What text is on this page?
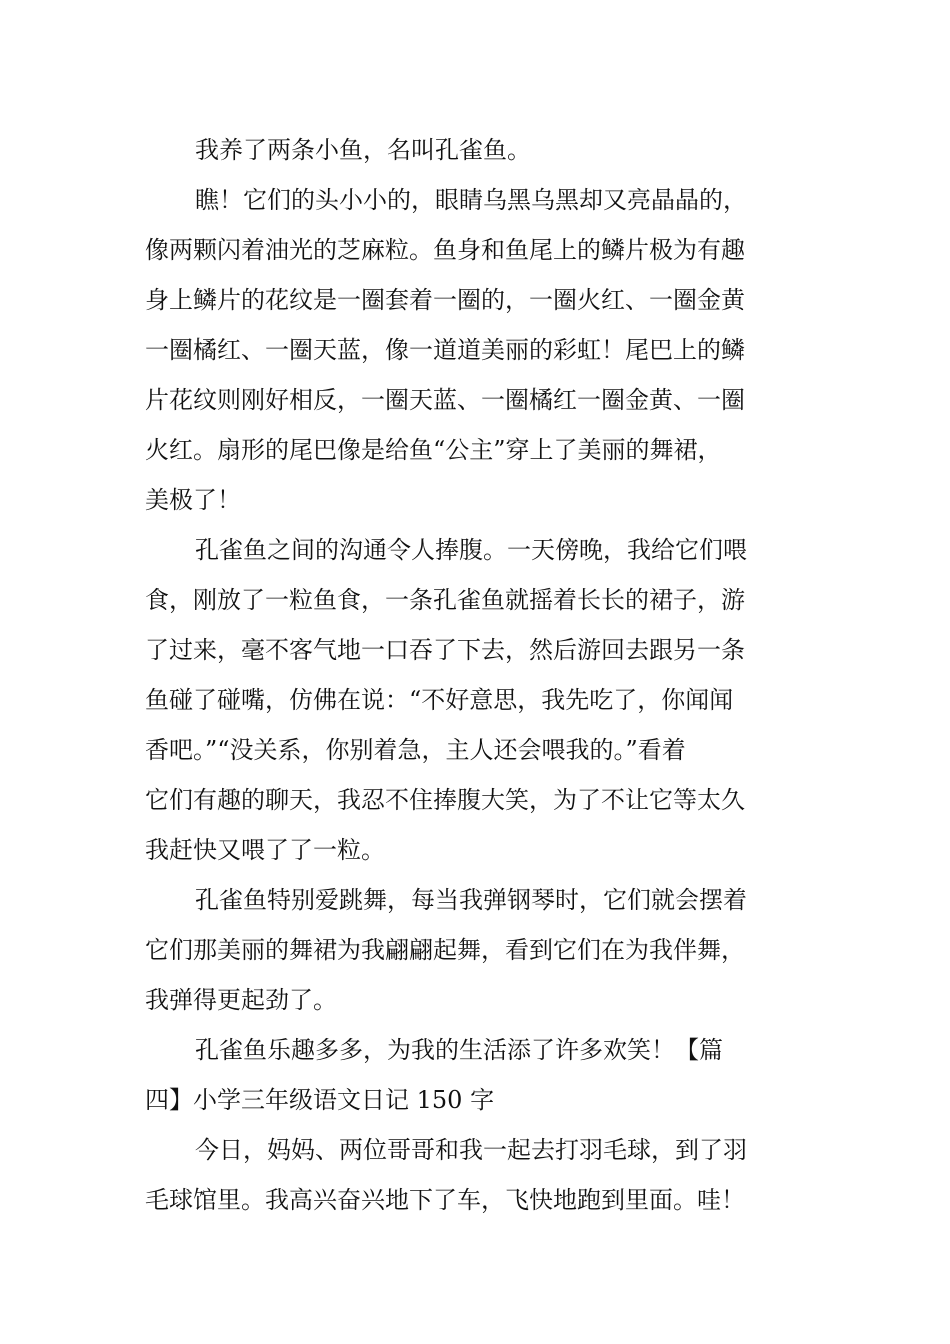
我养了两条小鱼，名叫孔雀鱼。
瞧！它们的头小小的，眼睛乌黑乌黑却又亮晶晶的，
像两颗闪着油光的芝麻粒。鱼身和鱼尾上的鳞片极为有趣
身上鳞片的花纹是一圈套着一圈的，一圈火红、一圈金黄
一圈橘红、一圈天蓝，像一道道美丽的彩虹！尾巴上的鳞
片花纹则刚好相反，一圈天蓝、一圈橘红一圈金黄、一圈
火红。扇形的尾巴像是给鱼“公主”穿上了美丽的舞裙，
美极了！
孔雀鱼之间的沟通令人捧腹。一天傍晚，我给它们喂
食，刚放了一粒鱼食，一条孔雀鱼就摇着长长的裙子，游
了过来，毫不客气地一口吞了下去，然后游回去跟另一条
鱼碰了碰嘴，仿佛在说：“不好意思，我先吃了，你闻闻
香吧。”“没关系，你别着急，主人还会喂我的。”看着
它们有趣的聊天，我忍不住捧腹大笑，为了不让它等太久
我赶快又喂了了一粒。
孔雀鱼特别爱跳舞，每当我弹钢琴时，它们就会摆着
它们那美丽的舞裙为我翩翩起舞，看到它们在为我伴舞，
我弹得更起劲了。
孔雀鱼乐趣多多，为我的生活添了许多欢笑！【篇
四】小学三年级语文日记 150 字
今日，妈妈、两位哥哥和我一起去打羽毛球，到了羽
毛球馆里。我高兴奋兴地下了车，飞快地跑到里面。哇！
